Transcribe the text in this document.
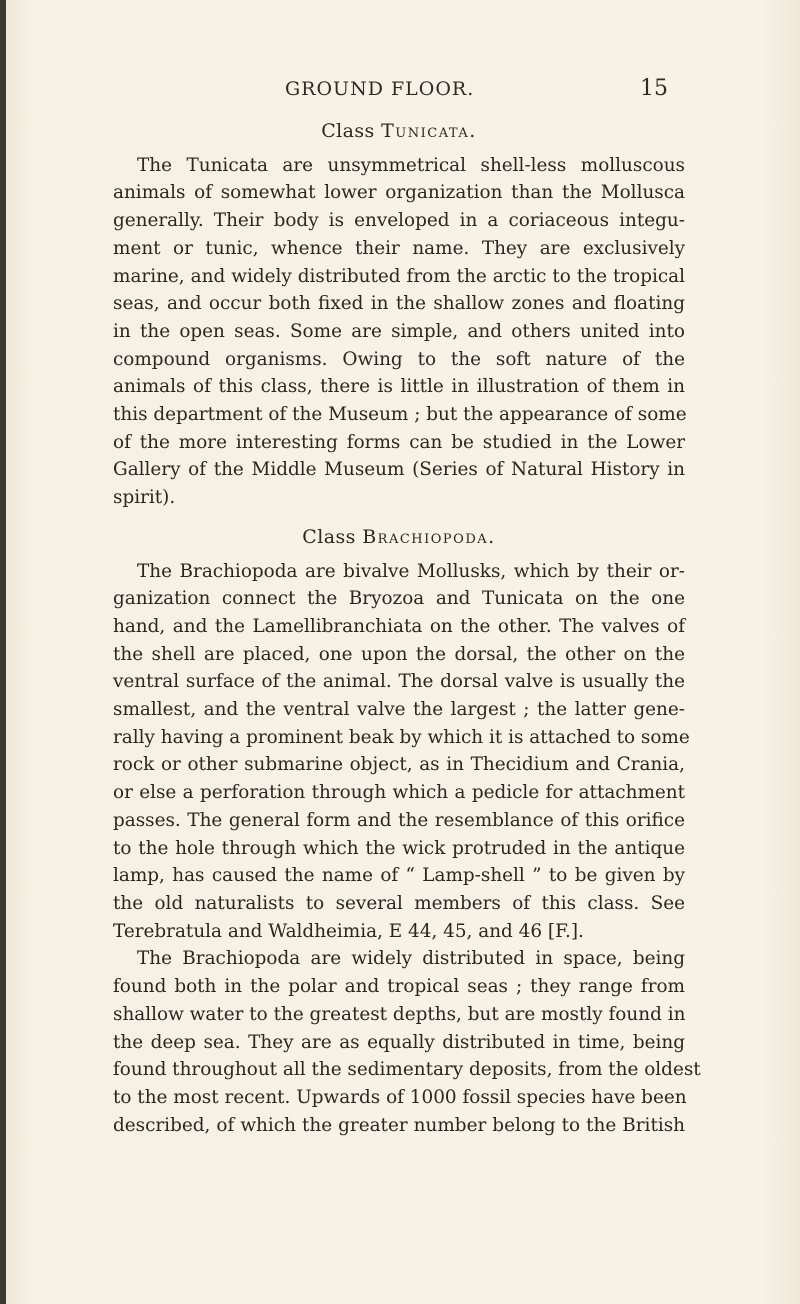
GROUND FLOOR.	15
Class Tunicata.
The Tunicata are unsymmetrical shell-less molluscous
animals of somewhat lower organization than the Mollusca
generally. Their body is enveloped in a coriaceous integu-
ment or tunic, whence their name. They are exclusively
marine, and widely distributed from the arctic to the tropical
seas, and occur both fixed in the shallow zones and floating
in the open seas. Some are simple, and others united into
compound organisms. Owing to the soft nature of the
animals of this class, there is little in illustration of them in
this department of the Museum ; but the appearance of some
of the more interesting forms can be studied in the Lower
Gallery of the Middle Museum (Series of Natural History in
spirit).
Class Brachiopoda.
The Brachiopoda are bivalve Mollusks, which by their or-
ganization connect the Bryozoa and Tunicata on the one
hand, and the Lamellibranchiata on the other. The valves of
the shell are placed, one upon the dorsal, the other on the
ventral surface of the animal. The dorsal valve is usually the
smallest, and the ventral valve the largest ; the latter gene-
rally having a prominent beak by which it is attached to some
rock or other submarine object, as in Thecidium and Crania,
or else a perforation through which a pedicle for attachment
passes. The general form and the resemblance of this orifice
to the hole through which the wick protruded in the antique
lamp, has caused the name of “ Lamp-shell ” to be given by
the old naturalists to several members of this class. See
Terebratula and Waldheimia, E 44, 45, and 46 [F.].
The Brachiopoda are widely distributed in space, being
found both in the polar and tropical seas ; they range from
shallow water to the greatest depths, but are mostly found in
the deep sea. They are as equally distributed in time, being
found throughout all the sedimentary deposits, from the oldest
to the most recent. Upwards of 1000 fossil species have been
described, of which the greater number belong to the British
